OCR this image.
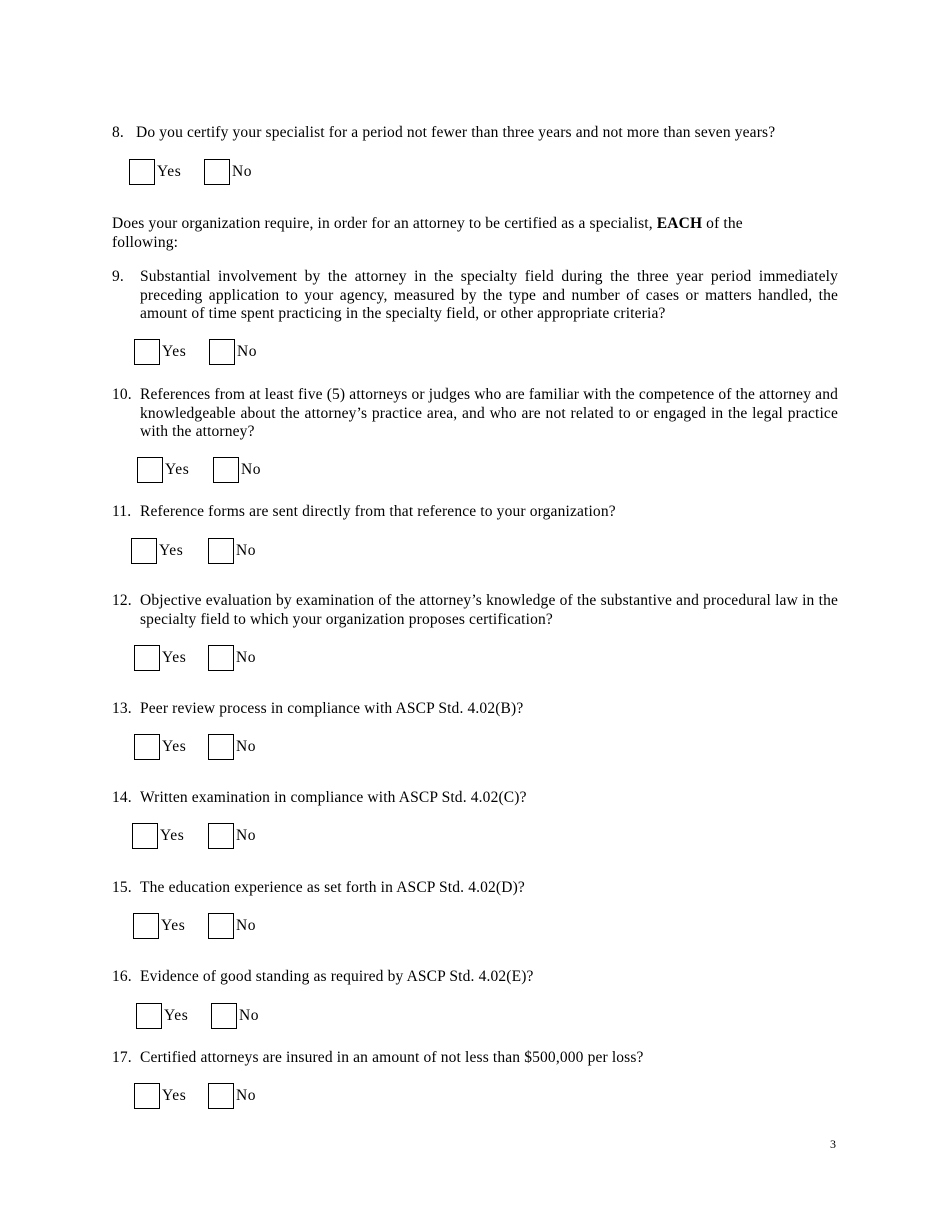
8. Do you certify your specialist for a period not fewer than three years and not more than seven years?
Yes	No
Does your organization require, in order for an attorney to be certified as a specialist, EACH of the following:
9. Substantial involvement by the attorney in the specialty field during the three year period immediately preceding application to your agency, measured by the type and number of cases or matters handled, the amount of time spent practicing in the specialty field, or other appropriate criteria?
Yes	No
10. References from at least five (5) attorneys or judges who are familiar with the competence of the attorney and knowledgeable about the attorney’s practice area, and who are not related to or engaged in the legal practice with the attorney?
Yes	No
11. Reference forms are sent directly from that reference to your organization?
Yes	No
12. Objective evaluation by examination of the attorney’s knowledge of the substantive and procedural law in the specialty field to which your organization proposes certification?
Yes	No
13. Peer review process in compliance with ASCP Std. 4.02(B)?
Yes	No
14. Written examination in compliance with ASCP Std. 4.02(C)?
Yes	No
15. The education experience as set forth in ASCP Std. 4.02(D)?
Yes	No
16. Evidence of good standing as required by ASCP Std. 4.02(E)?
Yes	No
17. Certified attorneys are insured in an amount of not less than $500,000 per loss?
Yes	No
3
